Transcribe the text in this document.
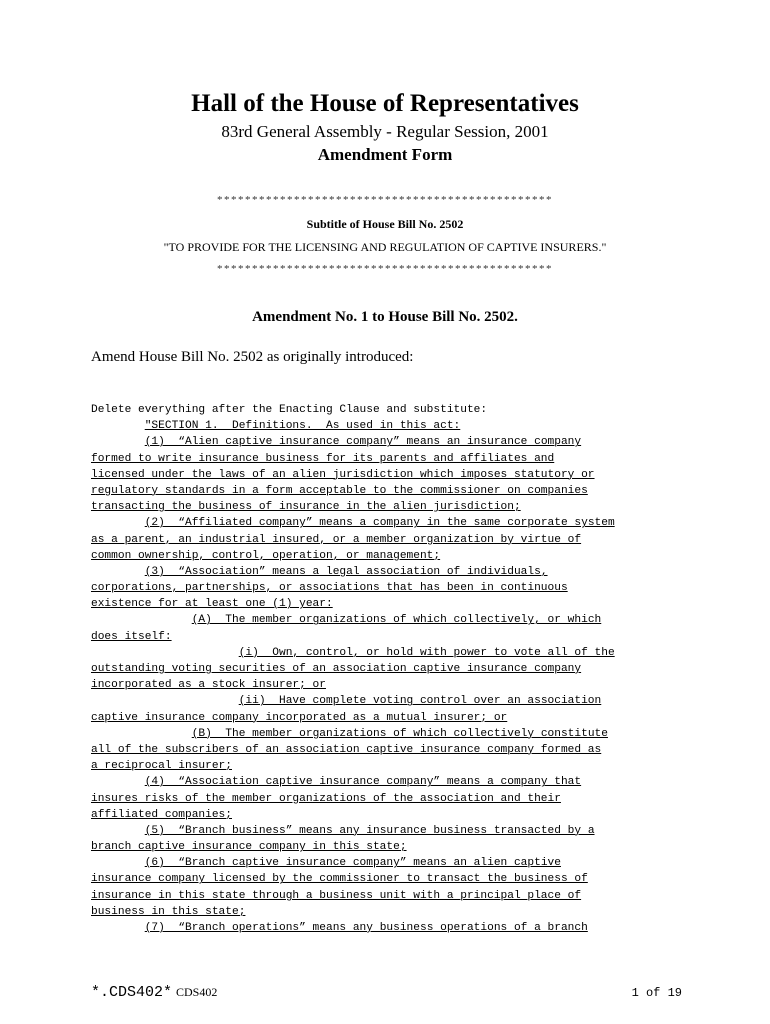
Hall of the House of Representatives
83rd General Assembly - Regular Session, 2001
Amendment Form
************************************************
Subtitle of House Bill No. 2502
"TO PROVIDE FOR THE LICENSING AND REGULATION OF CAPTIVE INSURERS."
************************************************
Amendment No. 1 to House Bill No. 2502.
Amend House Bill No. 2502 as originally introduced:
Delete everything after the Enacting Clause and substitute:
"SECTION 1.  Definitions.  As used in this act:
(1)  “Alien captive insurance company” means an insurance company
formed to write insurance business for its parents and affiliates and
licensed under the laws of an alien jurisdiction which imposes statutory or
regulatory standards in a form acceptable to the commissioner on companies
transacting the business of insurance in the alien jurisdiction;
(2)  “Affiliated company” means a company in the same corporate system
as a parent, an industrial insured, or a member organization by virtue of
common ownership, control, operation, or management;
(3)  “Association” means a legal association of individuals,
corporations, partnerships, or associations that has been in continuous
existence for at least one (1) year:
(A)  The member organizations of which collectively, or which
does itself:
(i)  Own, control, or hold with power to vote all of the
outstanding voting securities of an association captive insurance company
incorporated as a stock insurer; or
(ii)  Have complete voting control over an association
captive insurance company incorporated as a mutual insurer; or
(B)  The member organizations of which collectively constitute
all of the subscribers of an association captive insurance company formed as
a reciprocal insurer;
(4)  “Association captive insurance company” means a company that
insures risks of the member organizations of the association and their
affiliated companies;
(5)  “Branch business” means any insurance business transacted by a
branch captive insurance company in this state;
(6)  “Branch captive insurance company” means an alien captive
insurance company licensed by the commissioner to transact the business of
insurance in this state through a business unit with a principal place of
business in this state;
(7)  “Branch operations” means any business operations of a branch
*.CDS402* CDS402	1 of 19
